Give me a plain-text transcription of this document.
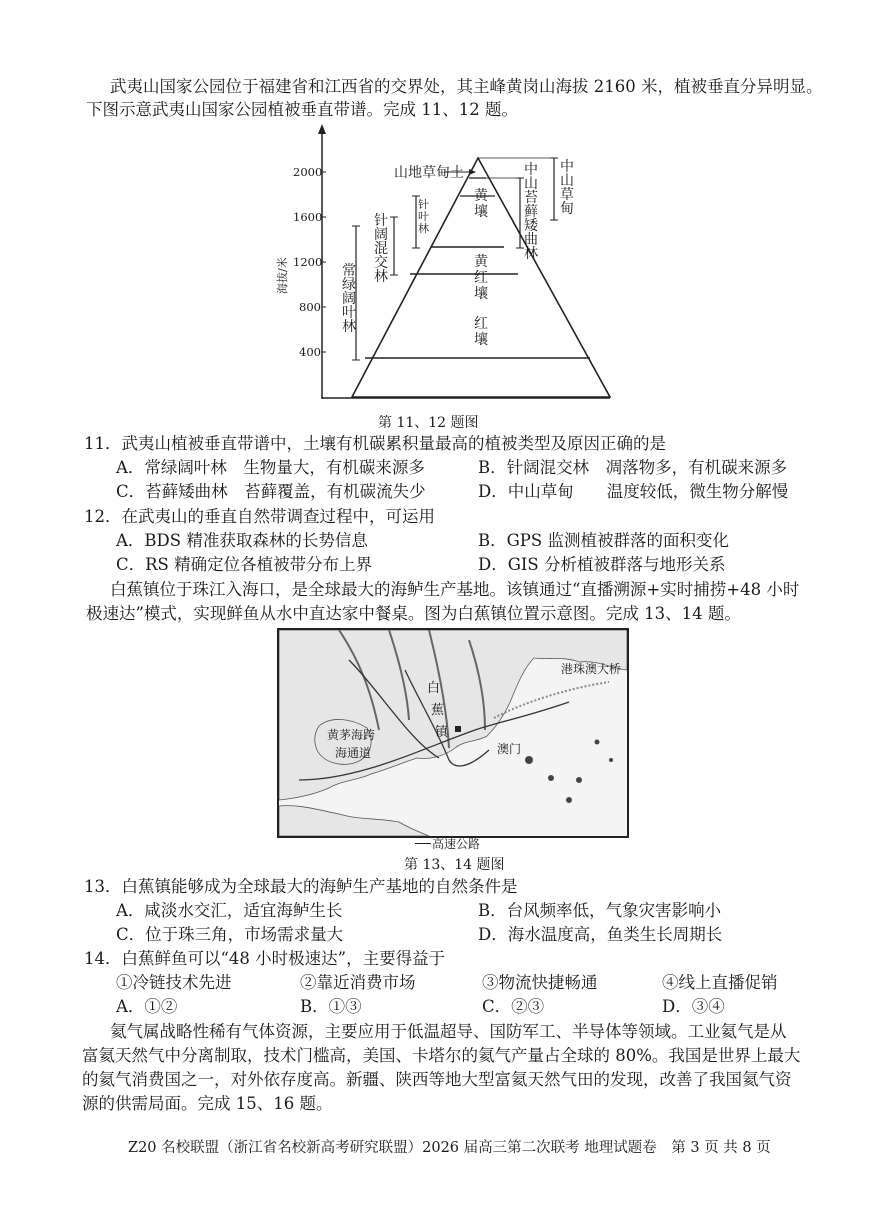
武夷山国家公园位于福建省和江西省的交界处，其主峰黄岗山海拔 2160 米，植被垂直分异明显。
下图示意武夷山国家公园植被垂直带谱。完成 11、12 题。
2000
1600
1200
800
400
海拔/米
山地草甸土	中山草甸
中山苔藓矮曲林
针叶林
针阔混交林
常绿阔叶林
黄壤
黄红壤
红壤
第 11、12 题图
11．武夷山植被垂直带谱中，土壤有机碳累积量最高的植被类型及原因正确的是
A．常绿阔叶林　生物量大，有机碳来源多	B．针阔混交林　凋落物多，有机碳来源多
C．苔藓矮曲林　苔藓覆盖，有机碳流失少	D．中山草甸　　温度较低，微生物分解慢
12．在武夷山的垂直自然带调查过程中，可运用
A．BDS 精准获取森林的长势信息	B．GPS 监测植被群落的面积变化
C．RS 精确定位各植被带分布上界	D．GIS 分析植被群落与地形关系
白蕉镇位于珠江入海口，是全球最大的海鲈生产基地。该镇通过“直播溯源+实时捕捞+48 小时
极速达”模式，实现鲜鱼从水中直达家中餐桌。图为白蕉镇位置示意图。完成 13、14 题。
港珠澳大桥
白
蕉
镇
澳门
黄茅海跨
海通道
高速公路
第 13、14 题图
13．白蕉镇能够成为全球最大的海鲈生产基地的自然条件是
A．咸淡水交汇，适宜海鲈生长	B．台风频率低，气象灾害影响小
C．位于珠三角，市场需求量大	D．海水温度高，鱼类生长周期长
14．白蕉鲜鱼可以“48 小时极速达”，主要得益于
①冷链技术先进	②靠近消费市场	③物流快捷畅通	④线上直播促销
A．①②	B．①③	C．②③	D．③④
氦气属战略性稀有气体资源，主要应用于低温超导、国防军工、半导体等领域。工业氦气是从
富氦天然气中分离制取，技术门槛高，美国、卡塔尔的氦气产量占全球的 80%。我国是世界上最大
的氦气消费国之一，对外依存度高。新疆、陕西等地大型富氦天然气田的发现，改善了我国氦气资
源的供需局面。完成 15、16 题。
Z20 名校联盟（浙江省名校新高考研究联盟）2026 届高三第二次联考 地理试题卷　第 3 页 共 8 页
